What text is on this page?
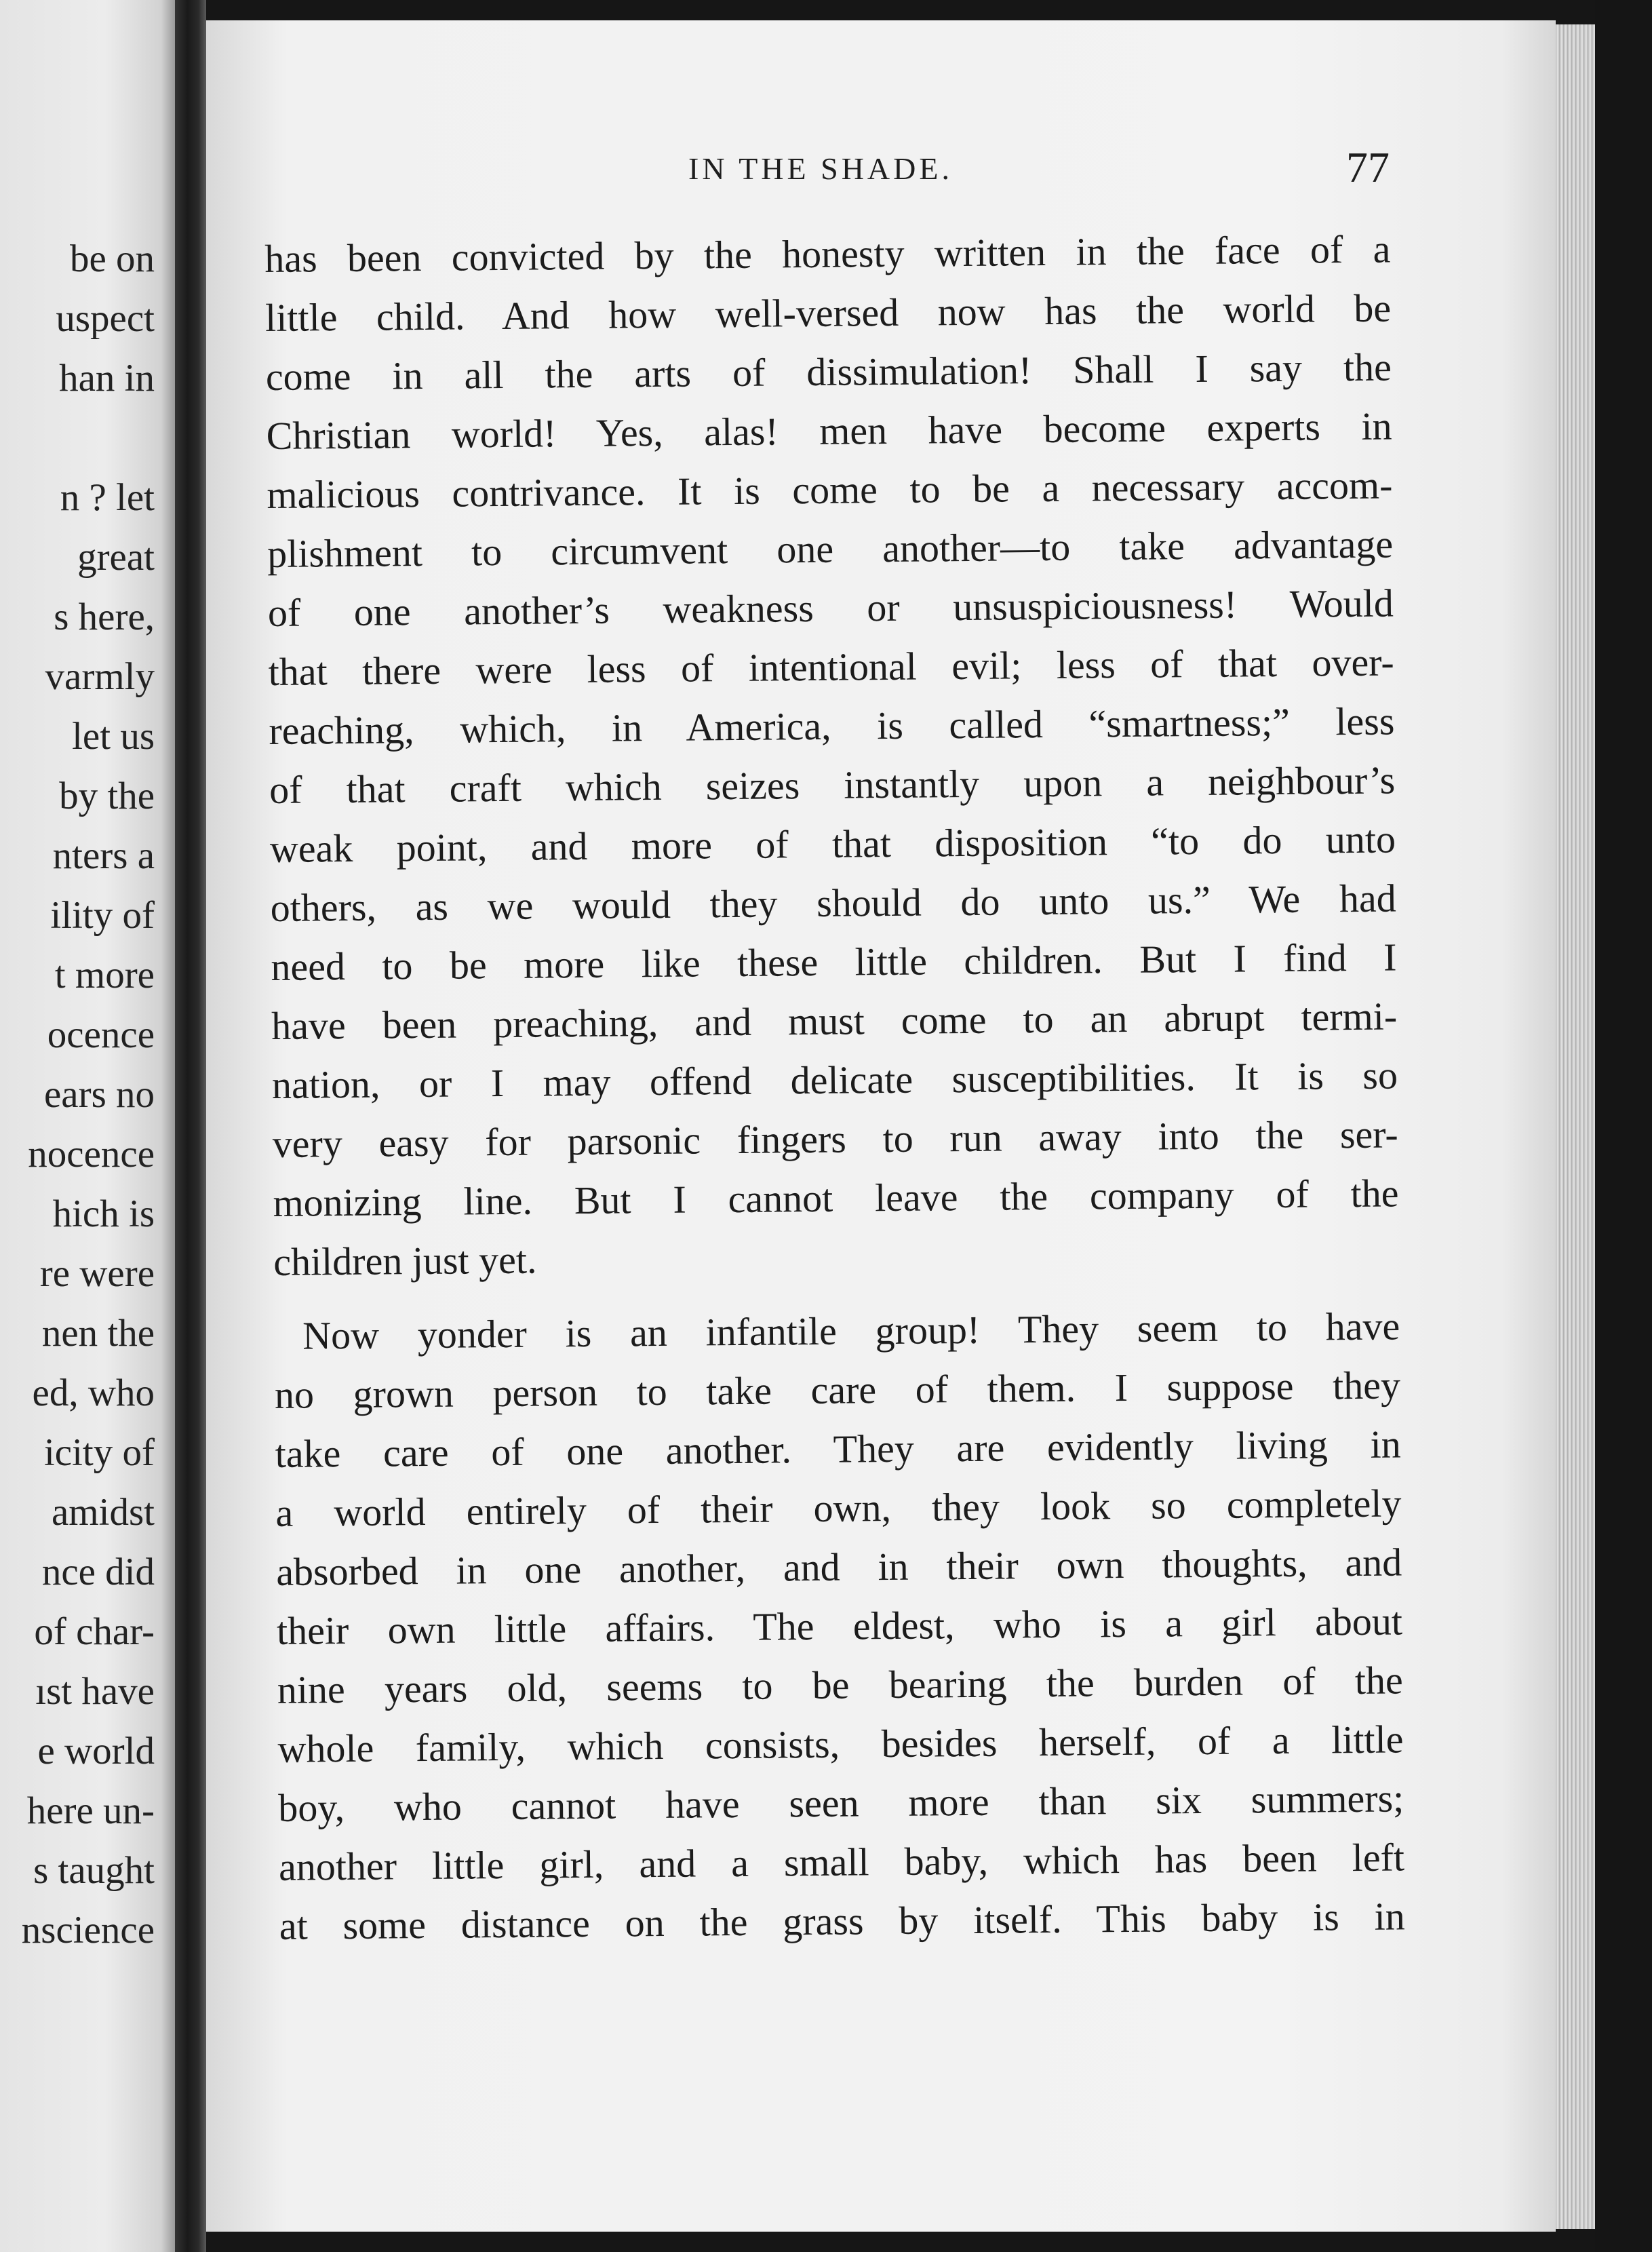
be on
uspect
han in
n ? let
great
s here,
varmly
let us
by the
nters a
ility of
t more
ocence
ears no
nocence
hich is
re were
nen the
ed, who
icity of
amidst
nce did
of char-
ıst have
e world
here un-
s taught
nscience
IN THE SHADE.	77
has been convicted by the honesty written in the face of a
little child. And how well-versed now has the world be
come in all the arts of dissimulation! Shall I say the
Christian world! Yes, alas! men have become experts in
malicious contrivance. It is come to be a necessary accom-
plishment to circumvent one another—to take advantage
of one another’s weakness or unsuspiciousness! Would
that there were less of intentional evil; less of that over-
reaching, which, in America, is called “smartness;” less
of that craft which seizes instantly upon a neighbour’s
weak point, and more of that disposition “to do unto
others, as we would they should do unto us.” We had
need to be more like these little children. But I find I
have been preaching, and must come to an abrupt termi-
nation, or I may offend delicate susceptibilities. It is so
very easy for parsonic fingers to run away into the ser-
monizing line. But I cannot leave the company of the
children just yet.
Now yonder is an infantile group! They seem to have
no grown person to take care of them. I suppose they
take care of one another. They are evidently living in
a world entirely of their own, they look so completely
absorbed in one another, and in their own thoughts, and
their own little affairs. The eldest, who is a girl about
nine years old, seems to be bearing the burden of the
whole family, which consists, besides herself, of a little
boy, who cannot have seen more than six summers;
another little girl, and a small baby, which has been left
at some distance on the grass by itself. This baby is in
